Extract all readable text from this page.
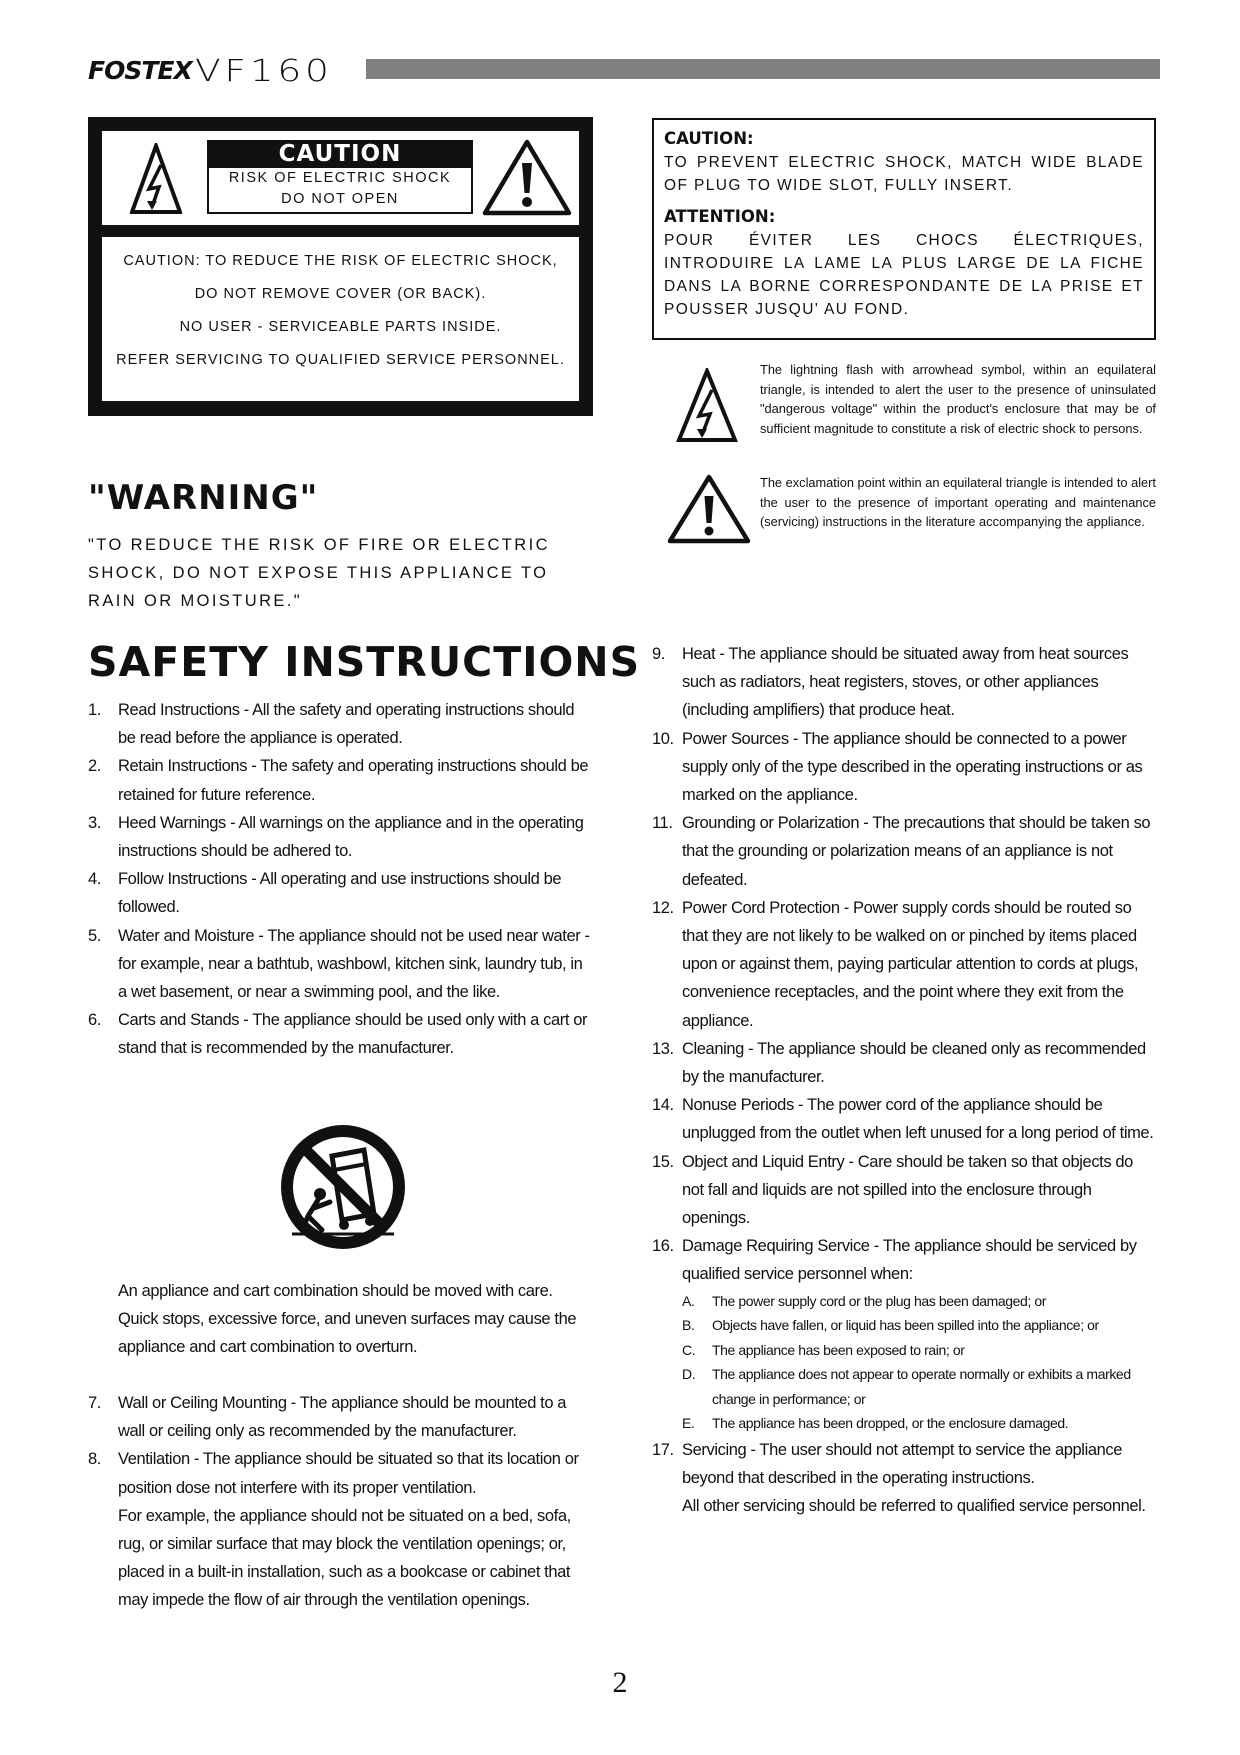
FOSTEX VF160
CAUTION
RISK OF ELECTRIC SHOCK
DO NOT OPEN

CAUTION: TO REDUCE THE RISK OF ELECTRIC SHOCK,

DO NOT REMOVE COVER (OR BACK).

NO USER - SERVICEABLE PARTS INSIDE.

REFER SERVICING TO QUALIFIED SERVICE PERSONNEL.

CAUTION:

TO PREVENT ELECTRIC SHOCK, MATCH WIDE BLADE OF PLUG TO WIDE SLOT, FULLY INSERT.

ATTENTION:

POUR ÉVITER LES CHOCS ÉLECTRIQUES, INTRODUIRE LA LAME LA PLUS LARGE DE LA FICHE DANS LA BORNE CORRESPONDANTE DE LA PRISE ET POUSSER JUSQU' AU FOND.

The lightning flash with arrowhead symbol, within an equilateral triangle, is intended to alert the user to the presence of uninsulated "dangerous voltage" within the product's enclosure that may be of sufficient magnitude to constitute a risk of electric shock to persons.
The exclamation point within an equilateral triangle is intended to alert the user to the presence of important operating and maintenance (servicing) instructions in the literature accompanying the appliance.
"WARNING"
"TO REDUCE THE RISK OF FIRE OR ELECTRIC SHOCK, DO NOT EXPOSE THIS APPLIANCE TO RAIN OR MOISTURE."
SAFETY INSTRUCTIONS
1. Read Instructions - All the safety and operating instructions should be read before the appliance is operated.
2. Retain Instructions - The safety and operating instructions should be retained for future reference.
3. Heed Warnings - All warnings on the appliance and in the operating instructions should be adhered to.
4. Follow Instructions - All operating and use instructions should be followed.
5. Water and Moisture - The appliance should not be used near water - for example, near a bathtub, washbowl, kitchen sink, laundry tub, in a wet basement, or near a swimming pool, and the like.
6. Carts and Stands - The appliance should be used only with a cart or stand that is recommended by the manufacturer.
An appliance and cart combination should be moved with care. Quick stops, excessive force, and uneven surfaces may cause the appliance and cart combination to overturn.
7. Wall or Ceiling Mounting - The appliance should be mounted to a wall or ceiling only as recommended by the manufacturer.
8. Ventilation - The appliance should be situated so that its location or position dose not interfere with its proper ventilation.
For example, the appliance should not be situated on a bed, sofa, rug, or similar surface that may block the ventilation openings; or, placed in a built-in installation, such as a bookcase or cabinet that may impede the flow of air through the ventilation openings.
9. Heat - The appliance should be situated away from heat sources such as radiators, heat registers, stoves, or other appliances (including amplifiers) that produce heat.
10. Power Sources - The appliance should be connected to a power supply only of the type described in the operating instructions or as marked on the appliance.
11. Grounding or Polarization - The precautions that should be taken so that the grounding or polarization means of an appliance is not defeated.
12. Power Cord Protection - Power supply cords should be routed so that they are not likely to be walked on or pinched by items placed upon or against them, paying particular attention to cords at plugs, convenience receptacles, and the point where they exit from the appliance.
13. Cleaning - The appliance should be cleaned only as recommended by the manufacturer.
14. Nonuse Periods - The power cord of the appliance should be unplugged from the outlet when left unused for a long period of time.
15. Object and Liquid Entry - Care should be taken so that objects do not fall and liquids are not spilled into the enclosure through openings.
16. Damage Requiring Service - The appliance should be serviced by qualified service personnel when:
A. The power supply cord or the plug has been damaged; or
B. Objects have fallen, or liquid has been spilled into the appliance; or
C. The appliance has been exposed to rain; or
D. The appliance does not appear to operate normally or exhibits a marked change in performance; or
E. The appliance has been dropped, or the enclosure damaged.
17. Servicing - The user should not attempt to service the appliance beyond that described in the operating instructions.
All other servicing should be referred to qualified service personnel.
2
